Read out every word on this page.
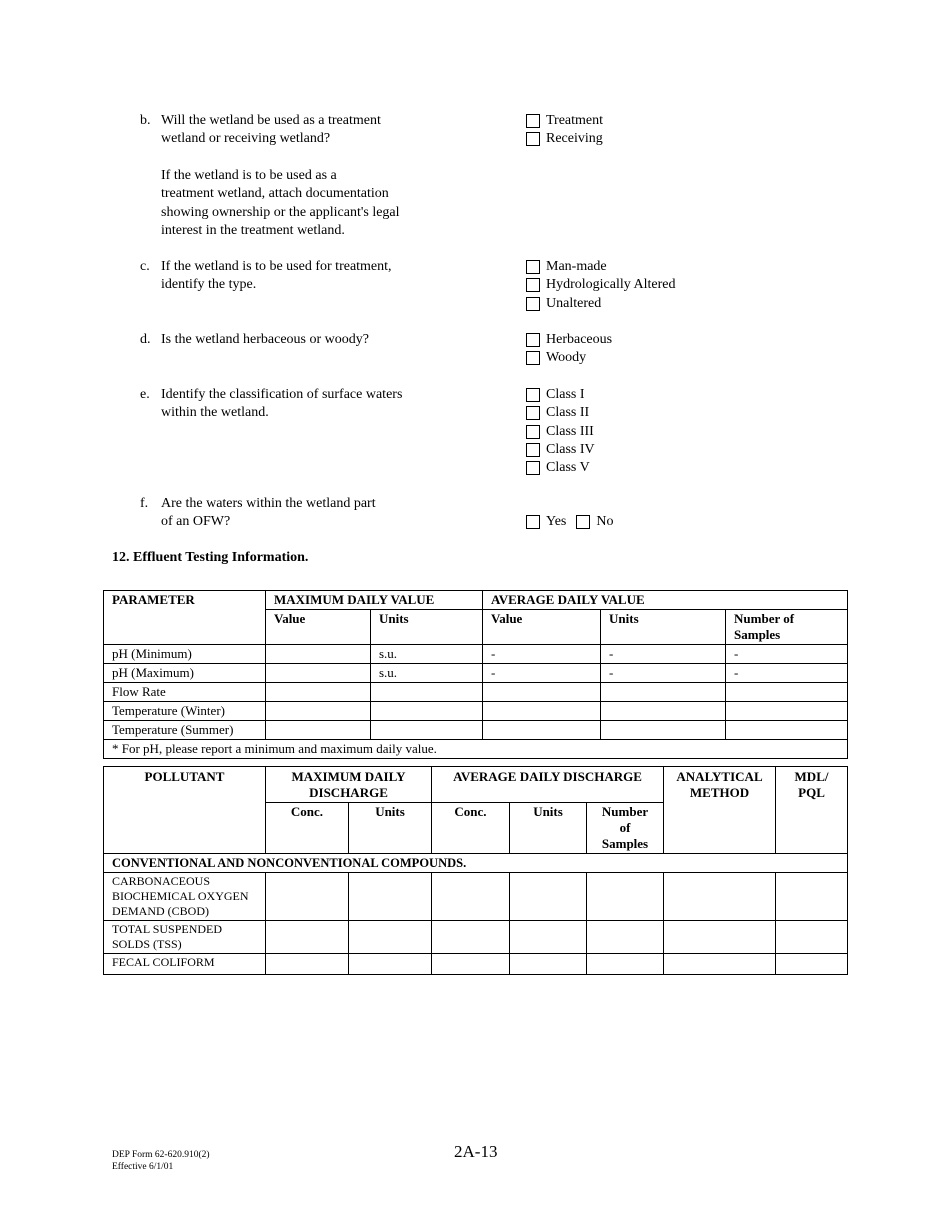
b. Will the wetland be used as a treatment
wetland or receiving wetland?
If the wetland is to be used as a
treatment wetland, attach documentation
showing ownership or the applicant's legal
interest in the treatment wetland.
Treatment
Receiving
c. If the wetland is to be used for treatment,
identify the type.
Man-made
Hydrologically Altered
Unaltered
d. Is the wetland herbaceous or woody?	Herbaceous
Woody
e. Identify the classification of surface waters
within the wetland.
Class I
Class II
Class III
Class IV
Class V
f. Are the waters within the wetland part
of an OFW?	Yes No
12. Effluent Testing Information.
PARAMETER	MAXIMUM DAILY VALUE		AVERAGE DAILY VALUE		
	Value	Units	Value	Units	Number of Samples
pH (Minimum)		s.u.	-	-	-
pH (Maximum)		s.u.	-	-	-
Flow Rate					
Temperature (Winter)					
Temperature (Summer)					
* For pH, please report a minimum and maximum daily value.					
POLLUTANT	MAXIMUM DAILY DISCHARGE		AVERAGE DAILY DISCHARGE			ANALYTICAL METHOD	MDL/ PQL
	Conc.	Units	Conc.	Units	Number of Samples		
CONVENTIONAL AND NONCONVENTIONAL COMPOUNDS.							
CARBONACEOUS BIOCHEMICAL OXYGEN DEMAND (CBOD)							
TOTAL SUSPENDED SOLDS (TSS)							
FECAL COLIFORM							
DEP Form 62-620.910(2)
Effective 6/1/01
2A-13
